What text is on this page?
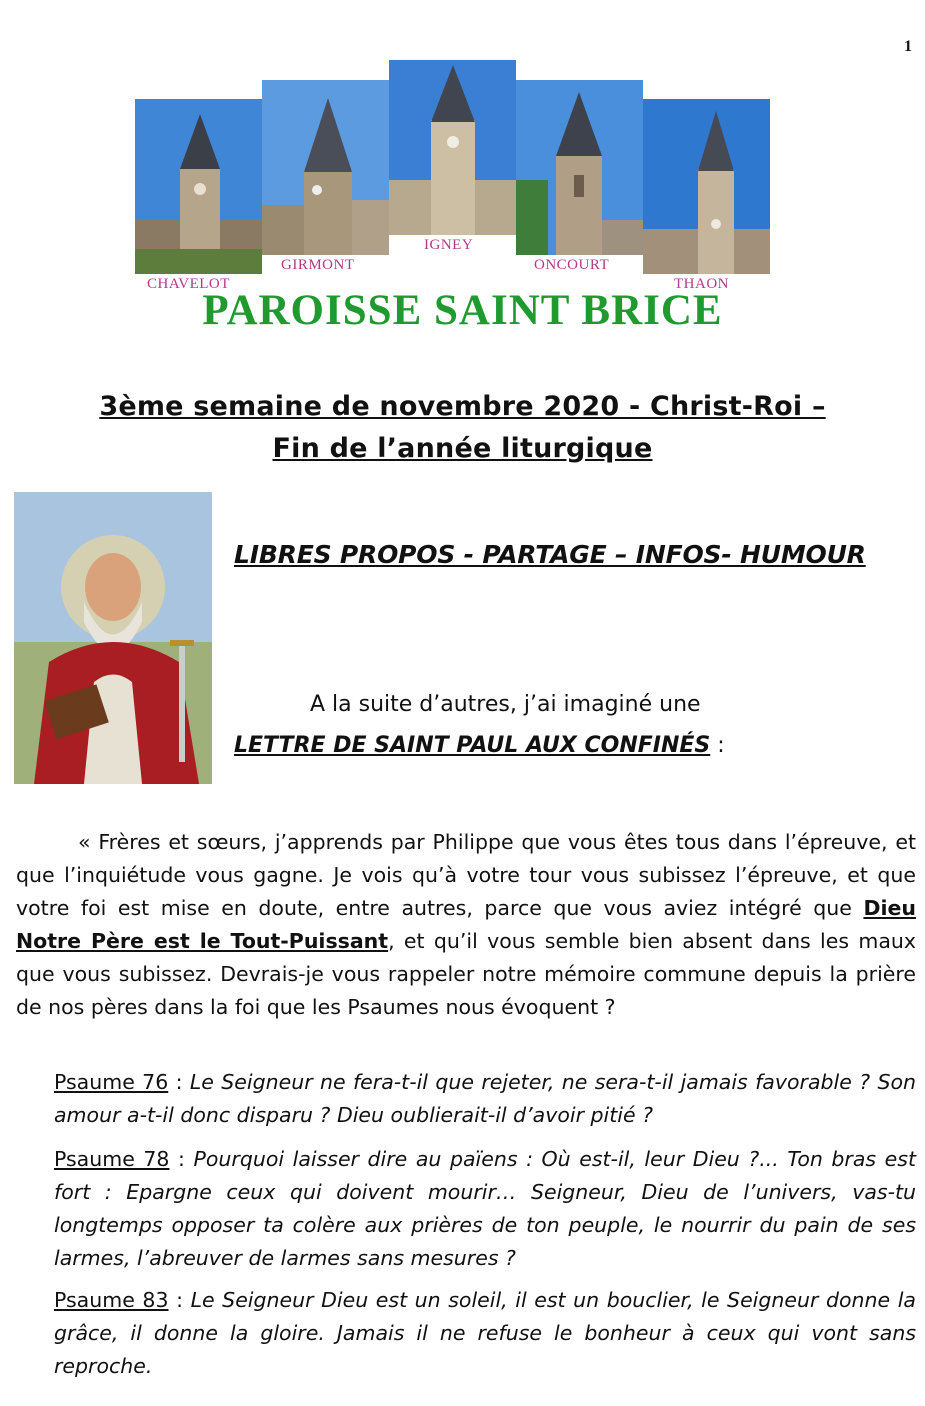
1
CHAVELOT
GIRMONT
IGNEY
ONCOURT
THAON
PAROISSE SAINT BRICE
3ème semaine de novembre 2020 - Christ-Roi –
Fin de l’année liturgique
LIBRES PROPOS - PARTAGE – INFOS- HUMOUR
A la suite d’autres, j’ai imaginé une
LETTRE DE SAINT PAUL AUX CONFINÉS :
« Frères et sœurs, j’apprends par Philippe que vous êtes tous dans l’épreuve, et que l’inquiétude vous gagne. Je vois qu’à votre tour vous subissez l’épreuve, et que votre foi est mise en doute, entre autres, parce que vous aviez intégré que Dieu Notre Père est le Tout-Puissant, et qu’il vous semble bien absent dans les maux que vous subissez. Devrais-je vous rappeler notre mémoire commune depuis la prière de nos pères dans la foi que les Psaumes nous évoquent ?
Psaume 76 : Le Seigneur ne fera-t-il que rejeter, ne sera-t-il jamais favorable ? Son amour a-t-il donc disparu ? Dieu oublierait-il d’avoir pitié ?
Psaume 78 : Pourquoi laisser dire au païens : Où est-il, leur Dieu ?... Ton bras est fort : Epargne ceux qui doivent mourir… Seigneur, Dieu de l’univers, vas-tu longtemps opposer ta colère aux prières de ton peuple, le nourrir du pain de ses larmes, l’abreuver de larmes sans mesures ?
Psaume 83 : Le Seigneur Dieu est un soleil, il est un bouclier, le Seigneur donne la grâce, il donne la gloire. Jamais il ne refuse le bonheur à ceux qui vont sans reproche.
